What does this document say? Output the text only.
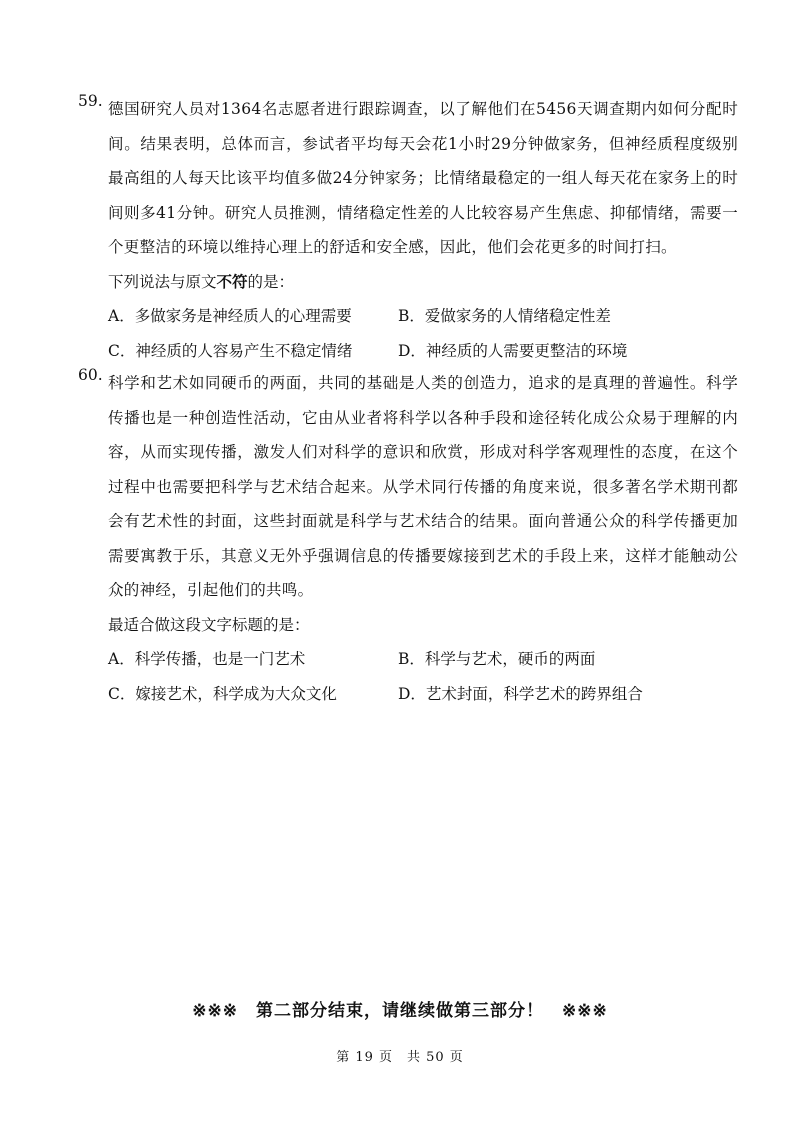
59. 德国研究人员对1364名志愿者进行跟踪调查，以了解他们在5456天调查期内如何分配时间。结果表明，总体而言，参试者平均每天会花1小时29分钟做家务，但神经质程度级别最高组的人每天比该平均值多做24分钟家务；比情绪最稳定的一组人每天花在家务上的时间则多41分钟。研究人员推测，情绪稳定性差的人比较容易产生焦虑、抑郁情绪，需要一个更整洁的环境以维持心理上的舒适和安全感，因此，他们会花更多的时间打扫。

下列说法与原文不符的是：

A．多做家务是神经质人的心理需要	B．爱做家务的人情绪稳定性差
C．神经质的人容易产生不稳定情绪	D．神经质的人需要更整洁的环境
60. 科学和艺术如同硬币的两面，共同的基础是人类的创造力，追求的是真理的普遍性。科学传播也是一种创造性活动，它由从业者将科学以各种手段和途径转化成公众易于理解的内容，从而实现传播，激发人们对科学的意识和欣赏，形成对科学客观理性的态度，在这个过程中也需要把科学与艺术结合起来。从学术同行传播的角度来说，很多著名学术期刊都会有艺术性的封面，这些封面就是科学与艺术结合的结果。面向普通公众的科学传播更加需要寓教于乐，其意义无外乎强调信息的传播要嫁接到艺术的手段上来，这样才能触动公众的神经，引起他们的共鸣。

最适合做这段文字标题的是：

A．科学传播，也是一门艺术	B．科学与艺术，硬币的两面
C．嫁接艺术，科学成为大众文化	D．艺术封面，科学艺术的跨界组合
※※※ 第二部分结束，请继续做第三部分！ ※※※
第 19 页　共 50 页
